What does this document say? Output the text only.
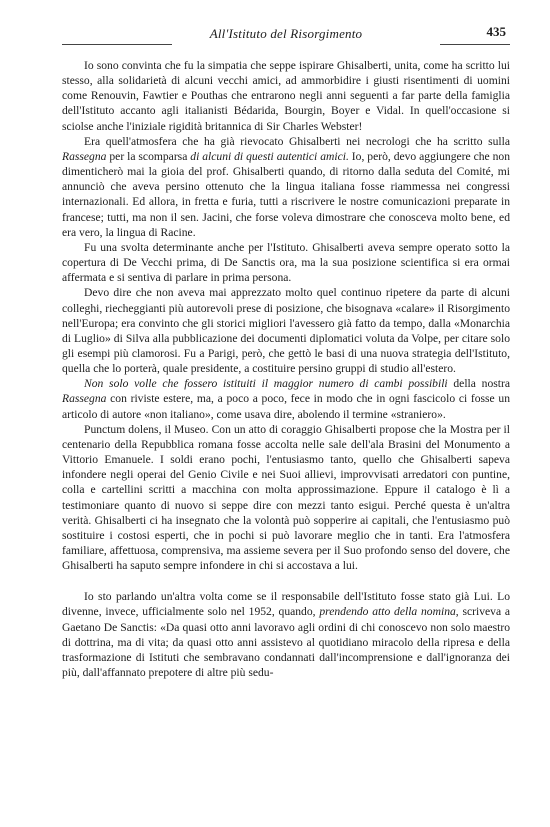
All'Istituto del Risorgimento	435

Io sono convinta che fu la simpatia che seppe ispirare Ghisalberti, unita, come ha scritto lui stesso, alla solidarietà di alcuni vecchi amici, ad ammorbidire i giusti risentimenti di uomini come Renouvin, Fawtier e Pouthas che entrarono negli anni seguenti a far parte della famiglia dell'Istituto accanto agli italianisti Bédarida, Bourgin, Boyer e Vidal. In quell'occasione si sciolse anche l'iniziale rigidità britannica di Sir Charles Webster!

Era quell'atmosfera che ha già rievocato Ghisalberti nei necrologi che ha scritto sulla Rassegna per la scomparsa di alcuni di questi autentici amici. Io, però, devo aggiungere che non dimenticherò mai la gioia del prof. Ghisalberti quando, di ritorno dalla seduta del Comité, mi annunciò che aveva persino ottenuto che la lingua italiana fosse riammessa nei congressi internazionali. Ed allora, in fretta e furia, tutti a riscrivere le nostre comunicazioni preparate in francese; tutti, ma non il sen. Jacini, che forse voleva dimostrare che conosceva molto bene, ed era vero, la lingua di Racine.

Fu una svolta determinante anche per l'Istituto. Ghisalberti aveva sempre operato sotto la copertura di De Vecchi prima, di De Sanctis ora, ma la sua posizione scientifica si era ormai affermata e si sentiva di parlare in prima persona.

Devo dire che non aveva mai apprezzato molto quel continuo ripetere da parte di alcuni colleghi, riecheggianti più autorevoli prese di posizione, che bisognava «calare» il Risorgimento nell'Europa; era convinto che gli storici migliori l'avessero già fatto da tempo, dalla «Monarchia di Luglio» di Silva alla pubblicazione dei documenti diplomatici voluta da Volpe, per citare solo gli esempi più clamorosi. Fu a Parigi, però, che gettò le basi di una nuova strategia dell'Istituto, quella che lo porterà, quale presidente, a costituire persino gruppi di studio all'estero.

Non solo volle che fossero istituiti il maggior numero di cambi possibili della nostra Rassegna con riviste estere, ma, a poco a poco, fece in modo che in ogni fascicolo ci fosse un articolo di autore «non italiano», come usava dire, abolendo il termine «straniero».

Punctum dolens, il Museo. Con un atto di coraggio Ghisalberti propose che la Mostra per il centenario della Repubblica romana fosse accolta nelle sale dell'ala Brasini del Monumento a Vittorio Emanuele. I soldi erano pochi, l'entusiasmo tanto, quello che Ghisalberti sapeva infondere negli operai del Genio Civile e nei Suoi allievi, improvvisati arredatori con puntine, colla e cartellini scritti a macchina con molta approssimazione. Eppure il catalogo è lì a testimoniare quanto di nuovo si seppe dire con mezzi tanto esigui. Perché questa è un'altra verità. Ghisalberti ci ha insegnato che la volontà può sopperire ai capitali, che l'entusiasmo può sostituire i costosi esperti, che in pochi si può lavorare meglio che in tanti. Era l'atmosfera familiare, affettuosa, comprensiva, ma assieme severa per il Suo profondo senso del dovere, che Ghisalberti ha saputo sempre infondere in chi si accostava a lui.

Io sto parlando un'altra volta come se il responsabile dell'Istituto fosse stato già Lui. Lo divenne, invece, ufficialmente solo nel 1952, quando, prendendo atto della nomina, scriveva a Gaetano De Sanctis: «Da quasi otto anni lavoravo agli ordini di chi conoscevo non solo maestro di dottrina, ma di vita; da quasi otto anni assistevo al quotidiano miracolo della ripresa e della trasformazione di Istituti che sembravano condannati dall'incomprensione e dall'ignoranza dei più, dall'affannato prepotere di altre più sedu-
